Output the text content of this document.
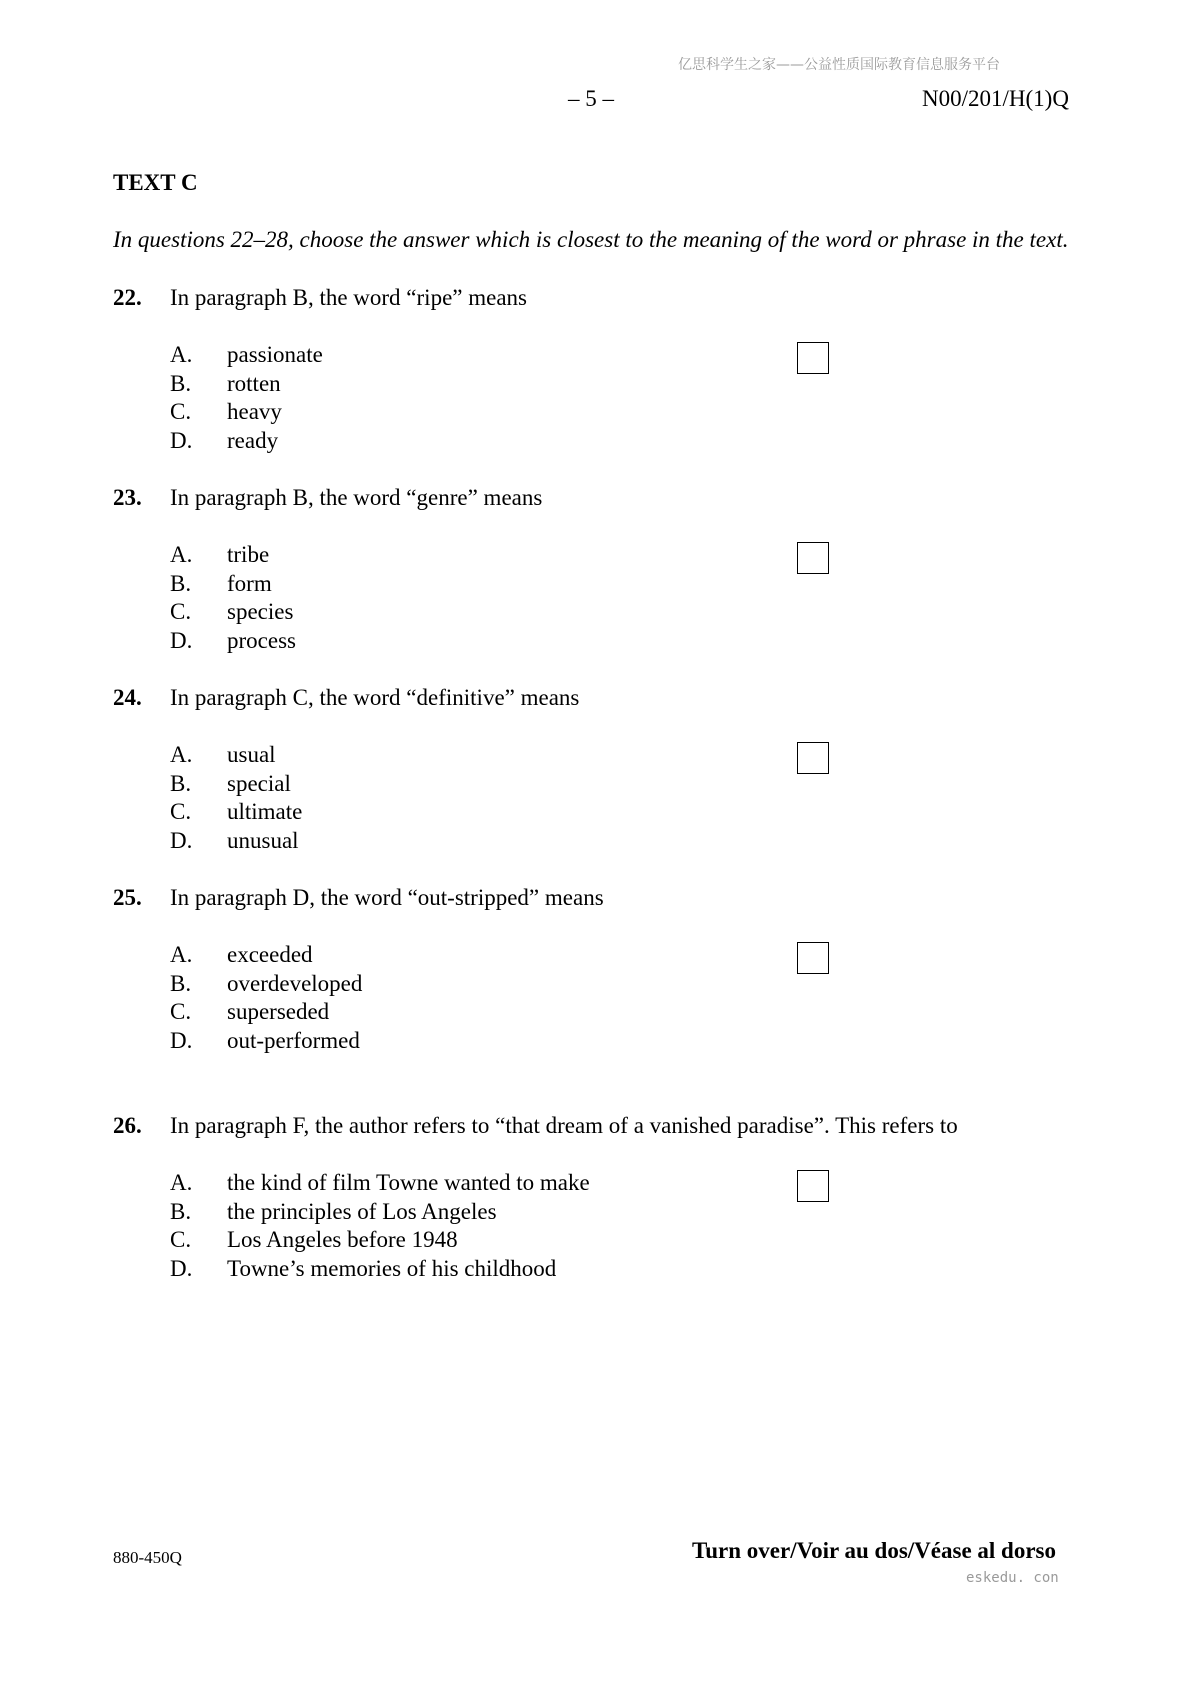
亿思科学生之家——公益性质国际教育信息服务平台
– 5 –	N00/201/H(1)Q
TEXT C
In questions 22–28, choose the answer which is closest to the meaning of the word or phrase in the text.
22. In paragraph B, the word “ripe” means
A. passionate
B. rotten
C. heavy
D. ready
23. In paragraph B, the word “genre” means
A. tribe
B. form
C. species
D. process
24. In paragraph C, the word “definitive” means
A. usual
B. special
C. ultimate
D. unusual
25. In paragraph D, the word “out-stripped” means
A. exceeded
B. overdeveloped
C. superseded
D. out-performed
26. In paragraph F, the author refers to “that dream of a vanished paradise”. This refers to
A. the kind of film Towne wanted to make
B. the principles of Los Angeles
C. Los Angeles before 1948
D. Towne’s memories of his childhood
880-450Q	Turn over/Voir au dos/Véase al dorso
eskedu. con
